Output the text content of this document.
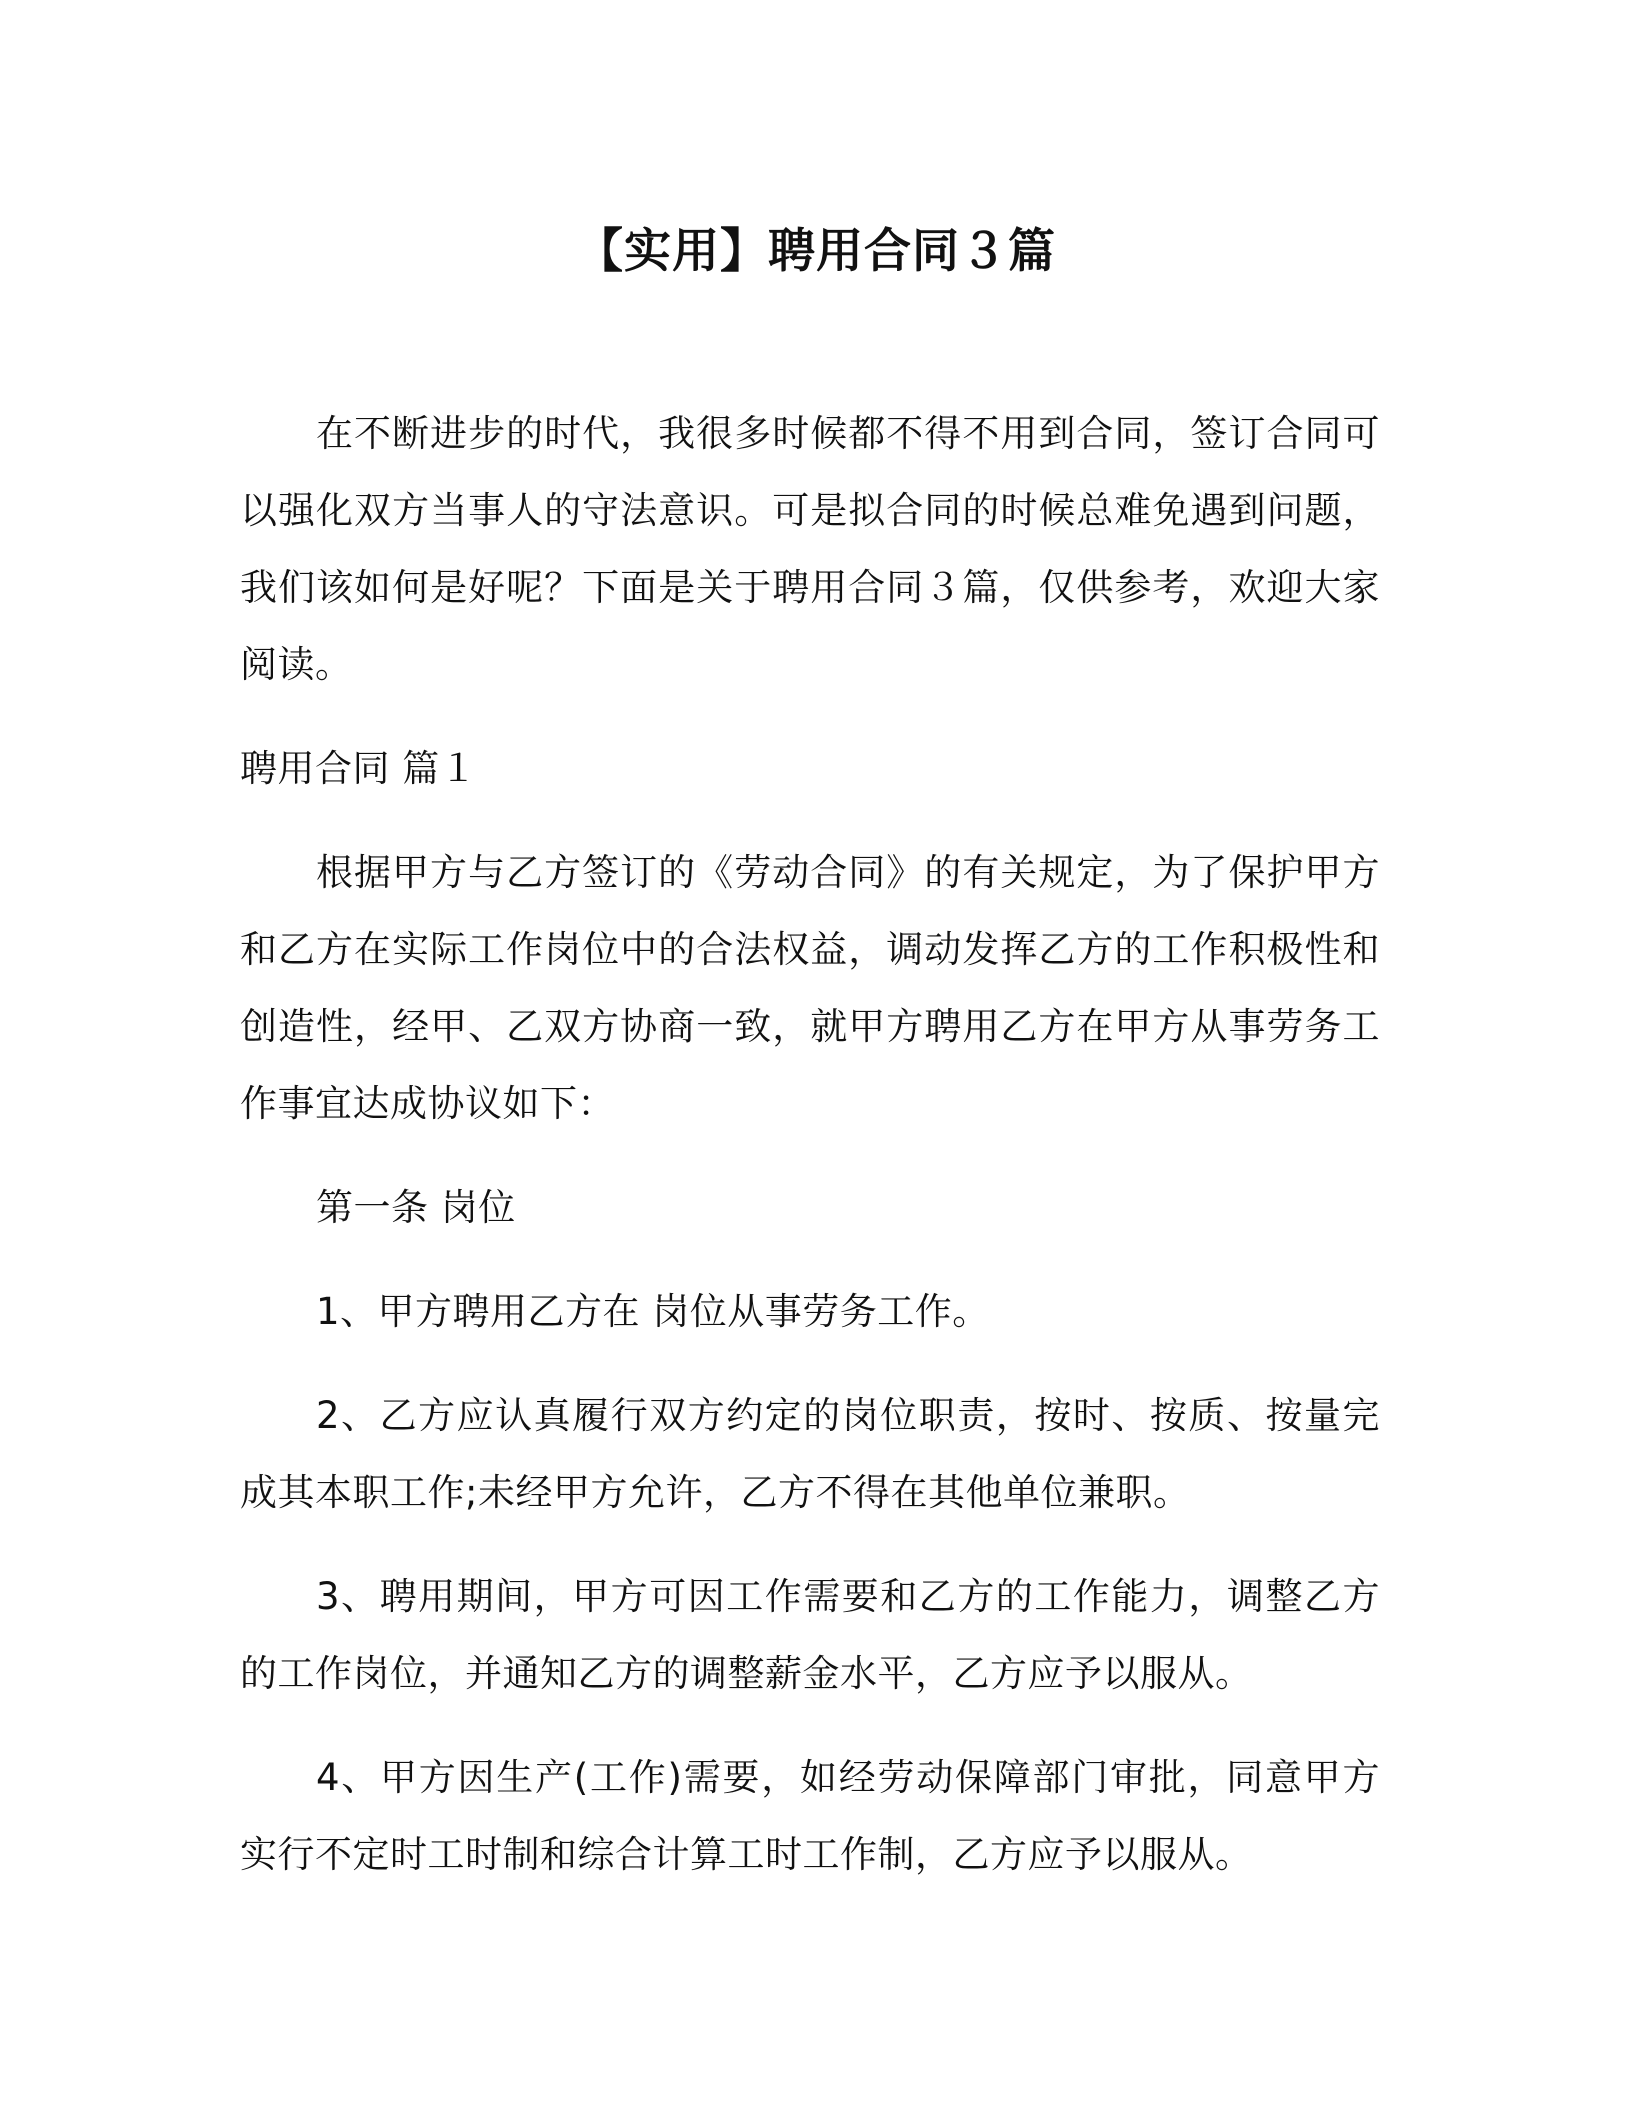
【实用】聘用合同３篇

在不断进步的时代，我很多时候都不得不用到合同，签订合同可以强化双方当事人的守法意识。可是拟合同的时候总难免遇到问题，我们该如何是好呢？下面是关于聘用合同３篇，仅供参考，欢迎大家阅读。

聘用合同 篇１

根据甲方与乙方签订的《劳动合同》的有关规定，为了保护甲方和乙方在实际工作岗位中的合法权益，调动发挥乙方的工作积极性和创造性，经甲、乙双方协商一致，就甲方聘用乙方在甲方从事劳务工作事宜达成协议如下：

第一条 岗位

1、甲方聘用乙方在 岗位从事劳务工作。

2、乙方应认真履行双方约定的岗位职责，按时、按质、按量完成其本职工作;未经甲方允许，乙方不得在其他单位兼职。

3、聘用期间，甲方可因工作需要和乙方的工作能力，调整乙方的工作岗位，并通知乙方的调整薪金水平，乙方应予以服从。

4、甲方因生产(工作)需要，如经劳动保障部门审批，同意甲方实行不定时工时制和综合计算工时工作制，乙方应予以服从。
